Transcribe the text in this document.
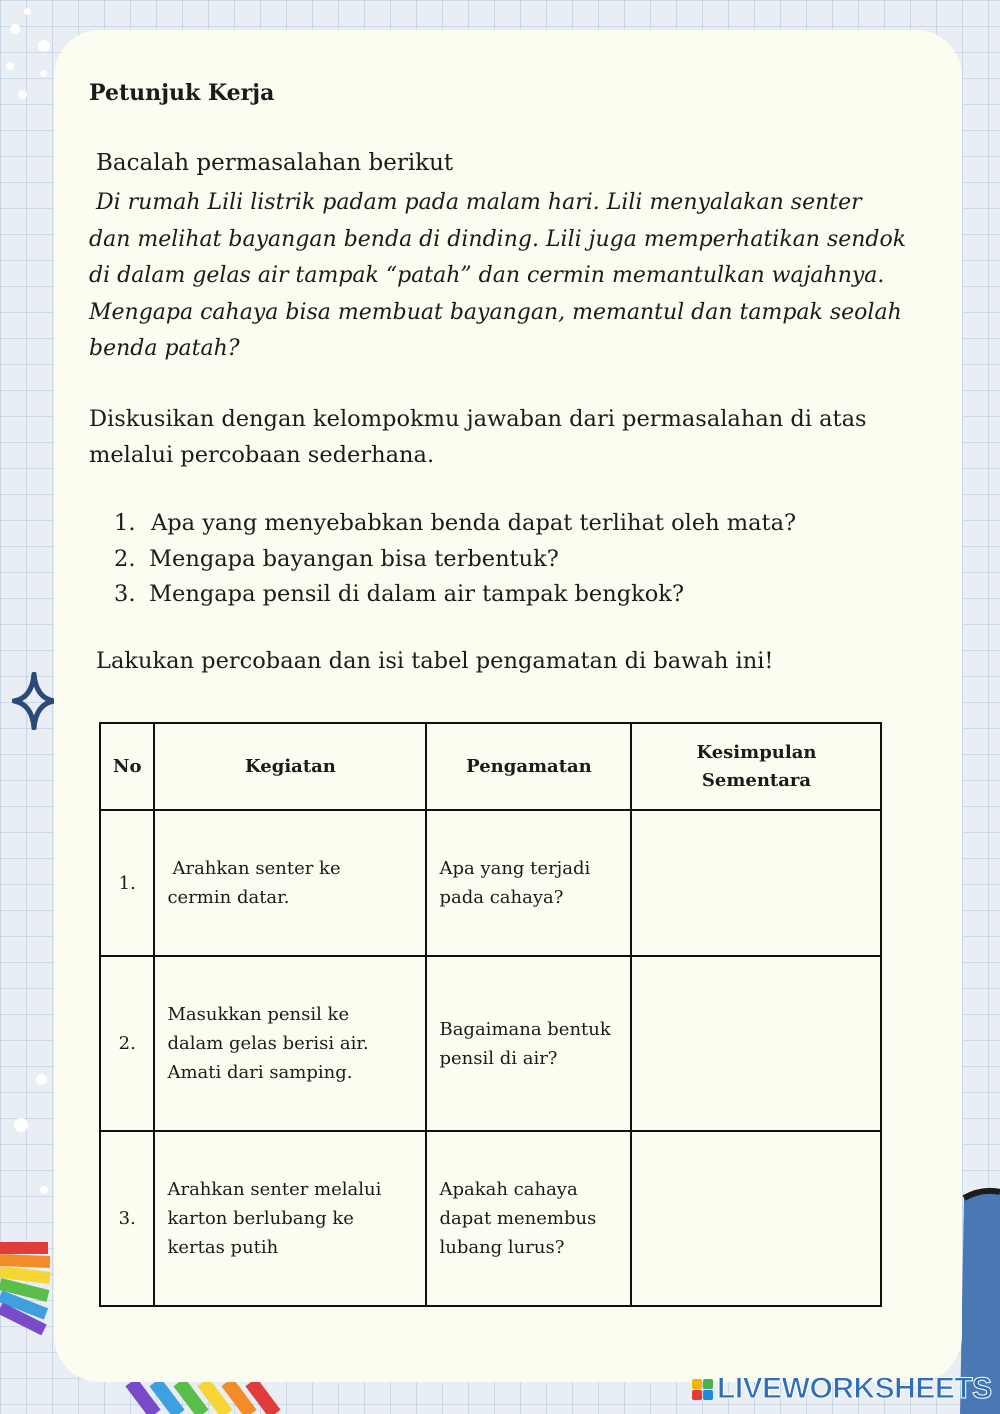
Petunjuk Kerja

Bacalah permasalahan berikut

Di rumah Lili listrik padam pada malam hari. Lili menyalakan senter dan melihat bayangan benda di dinding. Lili juga memperhatikan sendok di dalam gelas air tampak “patah” dan cermin memantulkan wajahnya. Mengapa cahaya bisa membuat bayangan, memantul dan tampak seolah benda patah?

Diskusikan dengan kelompokmu jawaban dari permasalahan di atas melalui percobaan sederhana.

1. Apa yang menyebabkan benda dapat terlihat oleh mata?
2. Mengapa bayangan bisa terbentuk?
3. Mengapa pensil di dalam air tampak bengkok?

Lakukan percobaan dan isi tabel pengamatan di bawah ini!

No	Kegiatan	Pengamatan	Kesimpulan Sementara
1.	Arahkan senter ke cermin datar.	Apa yang terjadi pada cahaya?	
2.	Masukkan pensil ke dalam gelas berisi air. Amati dari samping.	Bagaimana bentuk pensil di air?	
3.	Arahkan senter melalui karton berlubang ke kertas putih	Apakah cahaya dapat menembus lubang lurus?	
LIVEWORKSHEETS
